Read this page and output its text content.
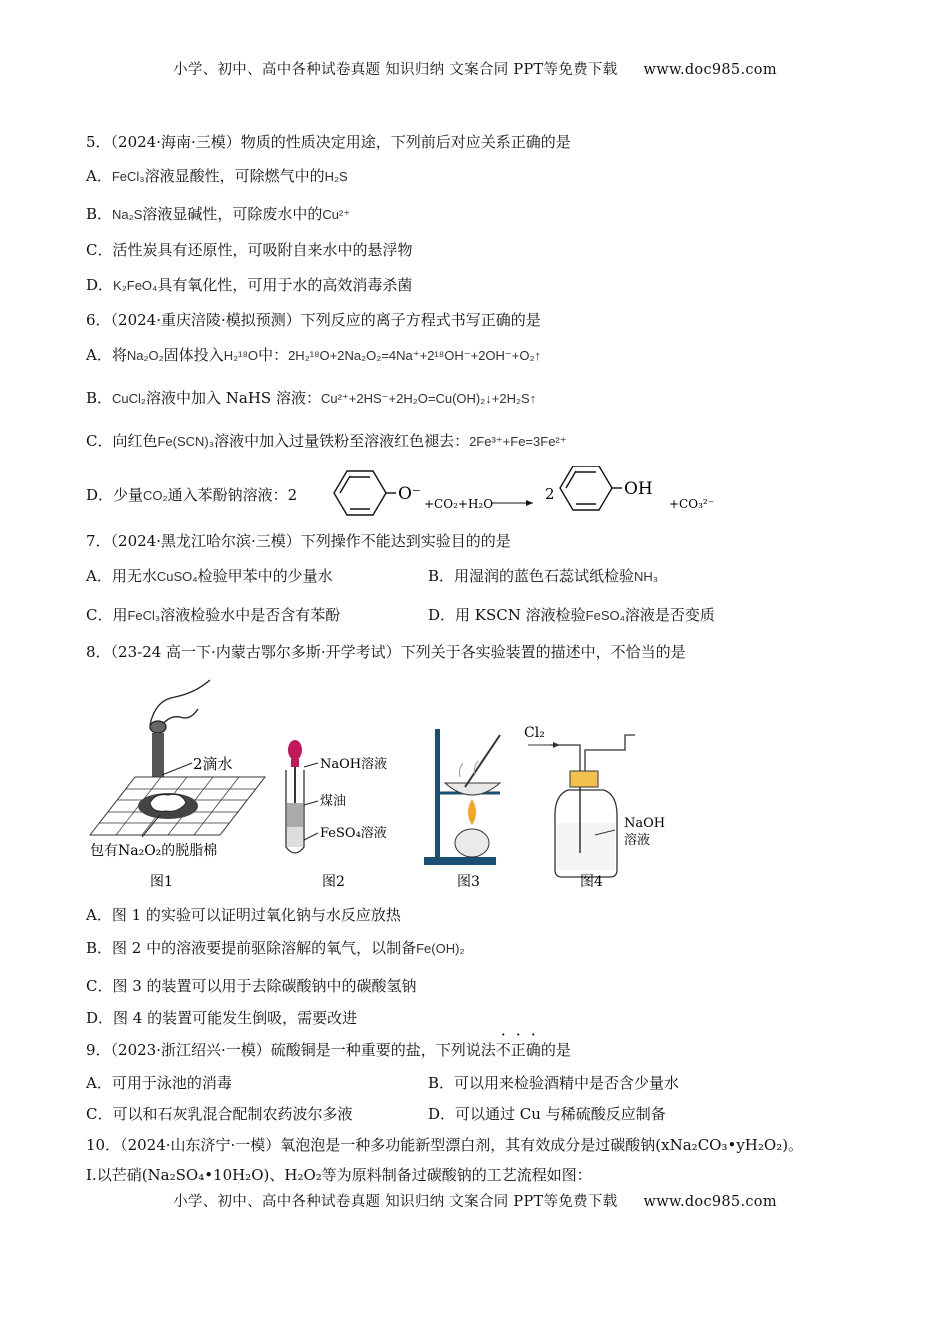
小学、初中、高中各种试卷真题 知识归纳 文案合同 PPT等免费下载 www.doc985.com
5．（2024·海南·三模）物质的性质决定用途，下列前后对应关系正确的是
A．FeCl₃溶液显酸性，可除燃气中的H₂S
B．Na₂S溶液显碱性，可除废水中的Cu²⁺
C．活性炭具有还原性，可吸附自来水中的悬浮物
D．K₂FeO₄具有氧化性，可用于水的高效消毒杀菌
6．（2024·重庆涪陵·模拟预测）下列反应的离子方程式书写正确的是
A．将Na₂O₂固体投入H₂¹⁸O中：2H₂¹⁸O+2Na₂O₂=4Na⁺+2¹⁸OH⁻+2OH⁻+O₂↑
B．CuCl₂溶液中加入 NaHS 溶液：Cu²⁺+2HS⁻+2H₂O=Cu(OH)₂↓+2H₂S↑
C．向红色Fe(SCN)₃溶液中加入过量铁粉至溶液红色褪去：2Fe³⁺+Fe=3Fe²⁺
D．少量CO₂通入苯酚钠溶液：2	O⁻ +CO₂+H₂O
2	OH
+CO₃²⁻
7．（2024·黑龙江哈尔滨·三模）下列操作不能达到实验目的的是
A．用无水CuSO₄检验甲苯中的少量水	B．用湿润的蓝色石蕊试纸检验NH₃
C．用FeCl₃溶液检验水中是否含有苯酚	D．用 KSCN 溶液检验FeSO₄溶液是否变质
8．（23-24 高一下·内蒙古鄂尔多斯·开学考试）下列关于各实验装置的描述中，不恰当的是
2滴水
包有Na₂O₂的脱脂棉
图1
NaOH溶液
煤油
FeSO₄溶液
图2	图3
Cl₂
NaOH
溶液
图4
A．图 1 的实验可以证明过氧化钠与水反应放热
B．图 2 中的溶液要提前驱除溶解的氧气，以制备Fe(OH)₂
C．图 3 的装置可以用于去除碳酸钠中的碳酸氢钠
D．图 4 的装置可能发生倒吸，需要改进
9．（2023·浙江绍兴·一模）硫酸铜是一种重要的盐，下列说法不正确的是
A．可用于泳池的消毒	B．可以用来检验酒精中是否含少量水
C．可以和石灰乳混合配制农药波尔多液	D．可以通过 Cu 与稀硫酸反应制备
10．（2024·山东济宁·一模）氧泡泡是一种多功能新型漂白剂，其有效成分是过碳酸钠(xNa₂CO₃•yH₂O₂)。
I.以芒硝(Na₂SO₄•10H₂O)、H₂O₂等为原料制备过碳酸钠的工艺流程如图：
小学、初中、高中各种试卷真题 知识归纳 文案合同 PPT等免费下载 www.doc985.com
